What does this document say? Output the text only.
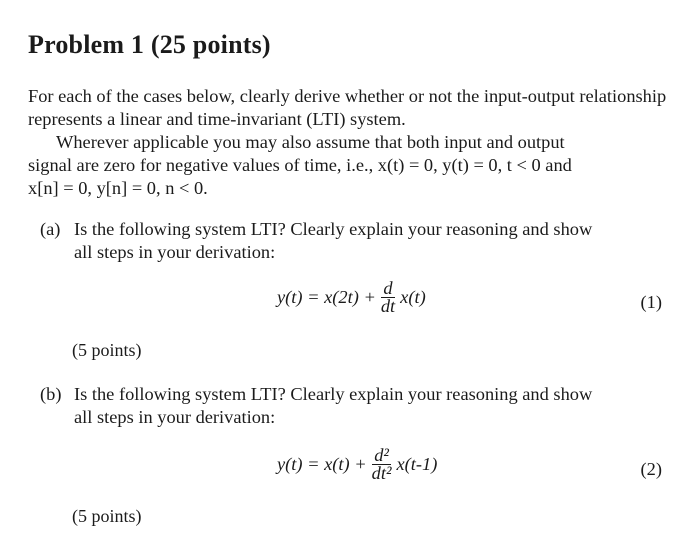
Problem 1 (25 points)
For each of the cases below, clearly derive whether or not the input-output relationship represents a linear and time-invariant (LTI) system.
Wherever applicable you may also assume that both input and output
signal are zero for negative values of time, i.e., x(t) = 0, y(t) = 0, t < 0 and
x[n] = 0, y[n] = 0, n < 0.
(a) Is the following system LTI? Clearly explain your reasoning and show
all steps in your derivation:
$y(t) = x(2t) + \frac{d}{dt} x(t)$	(1)
(5 points)
(b) Is the following system LTI? Clearly explain your reasoning and show
all steps in your derivation:
$y(t) = x(t) + \frac{\text{d²}}{\text{dt²}} x(t-1)$	(2)
(5 points)
